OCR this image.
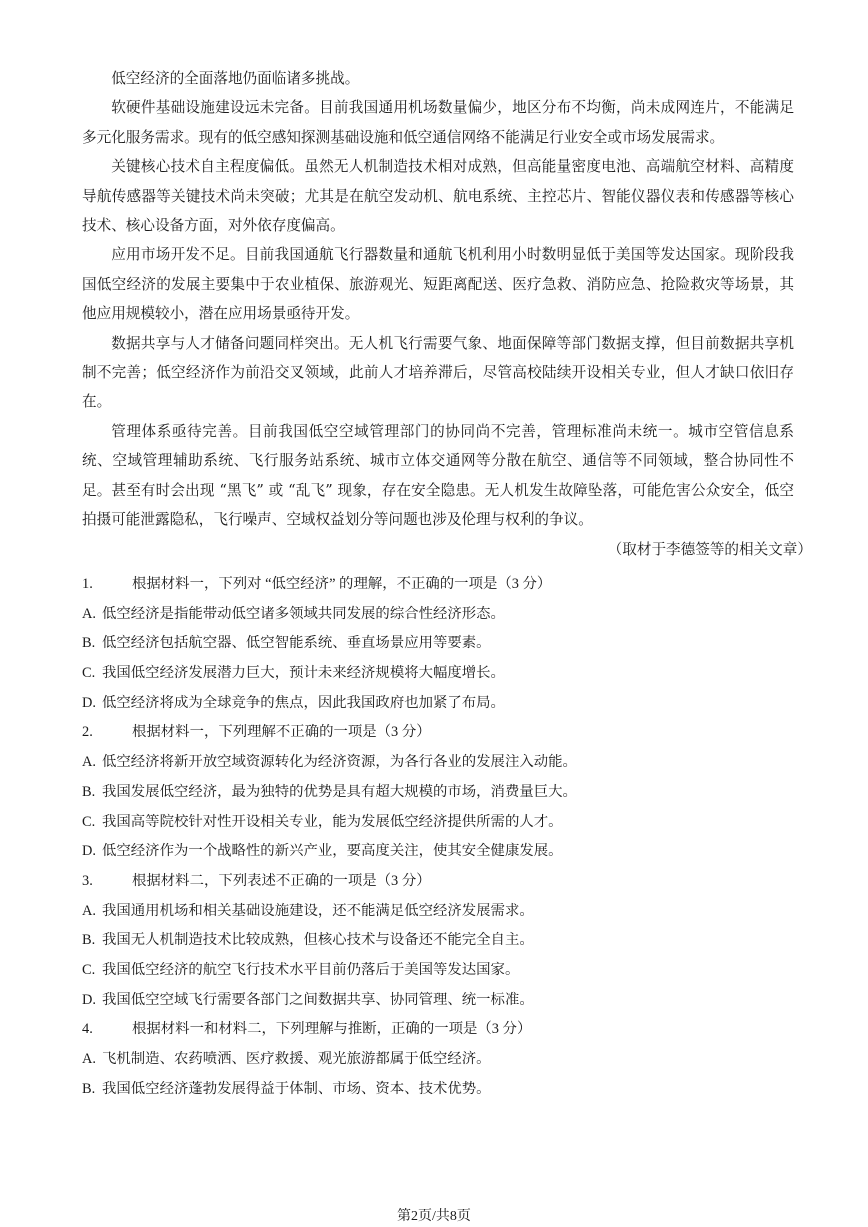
低空经济的全面落地仍面临诸多挑战。

软硬件基础设施建设远未完备。目前我国通用机场数量偏少，地区分布不均衡，尚未成网连片，不能满足多元化服务需求。现有的低空感知探测基础设施和低空通信网络不能满足行业安全或市场发展需求。

关键核心技术自主程度偏低。虽然无人机制造技术相对成熟，但高能量密度电池、高端航空材料、高精度导航传感器等关键技术尚未突破；尤其是在航空发动机、航电系统、主控芯片、智能仪器仪表和传感器等核心技术、核心设备方面，对外依存度偏高。

应用市场开发不足。目前我国通航飞行器数量和通航飞机利用小时数明显低于美国等发达国家。现阶段我国低空经济的发展主要集中于农业植保、旅游观光、短距离配送、医疗急救、消防应急、抢险救灾等场景，其他应用规模较小，潜在应用场景亟待开发。

数据共享与人才储备问题同样突出。无人机飞行需要气象、地面保障等部门数据支撑，但目前数据共享机制不完善；低空经济作为前沿交叉领域，此前人才培养滞后，尽管高校陆续开设相关专业，但人才缺口依旧存在。

管理体系亟待完善。目前我国低空空域管理部门的协同尚不完善，管理标准尚未统一。城市空管信息系统、空域管理辅助系统、飞行服务站系统、城市立体交通网等分散在航空、通信等不同领域，整合协同性不足。甚至有时会出现 “黑飞” 或 “乱飞” 现象，存在安全隐患。无人机发生故障坠落，可能危害公众安全，低空拍摄可能泄露隐私，飞行噪声、空域权益划分等问题也涉及伦理与权利的争议。

（取材于李德签等的相关文章）
1.	根据材料一，下列对 “低空经济” 的理解，不正确的一项是（3 分）
A. 低空经济是指能带动低空诸多领域共同发展的综合性经济形态。
B. 低空经济包括航空器、低空智能系统、垂直场景应用等要素。
C. 我国低空经济发展潜力巨大，预计未来经济规模将大幅度增长。
D. 低空经济将成为全球竞争的焦点，因此我国政府也加紧了布局。
2.	根据材料一，下列理解不正确的一项是（3 分）
A. 低空经济将新开放空域资源转化为经济资源，为各行各业的发展注入动能。
B. 我国发展低空经济，最为独特的优势是具有超大规模的市场，消费量巨大。
C. 我国高等院校针对性开设相关专业，能为发展低空经济提供所需的人才。
D. 低空经济作为一个战略性的新兴产业，要高度关注，使其安全健康发展。
3.	根据材料二，下列表述不正确的一项是（3 分）
A. 我国通用机场和相关基础设施建设，还不能满足低空经济发展需求。
B. 我国无人机制造技术比较成熟，但核心技术与设备还不能完全自主。
C. 我国低空经济的航空飞行技术水平目前仍落后于美国等发达国家。
D. 我国低空空域飞行需要各部门之间数据共享、协同管理、统一标准。
4.	根据材料一和材料二，下列理解与推断，正确的一项是（3 分）
A. 飞机制造、农药喷洒、医疗救援、观光旅游都属于低空经济。
B. 我国低空经济蓬勃发展得益于体制、市场、资本、技术优势。
第2页/共8页
